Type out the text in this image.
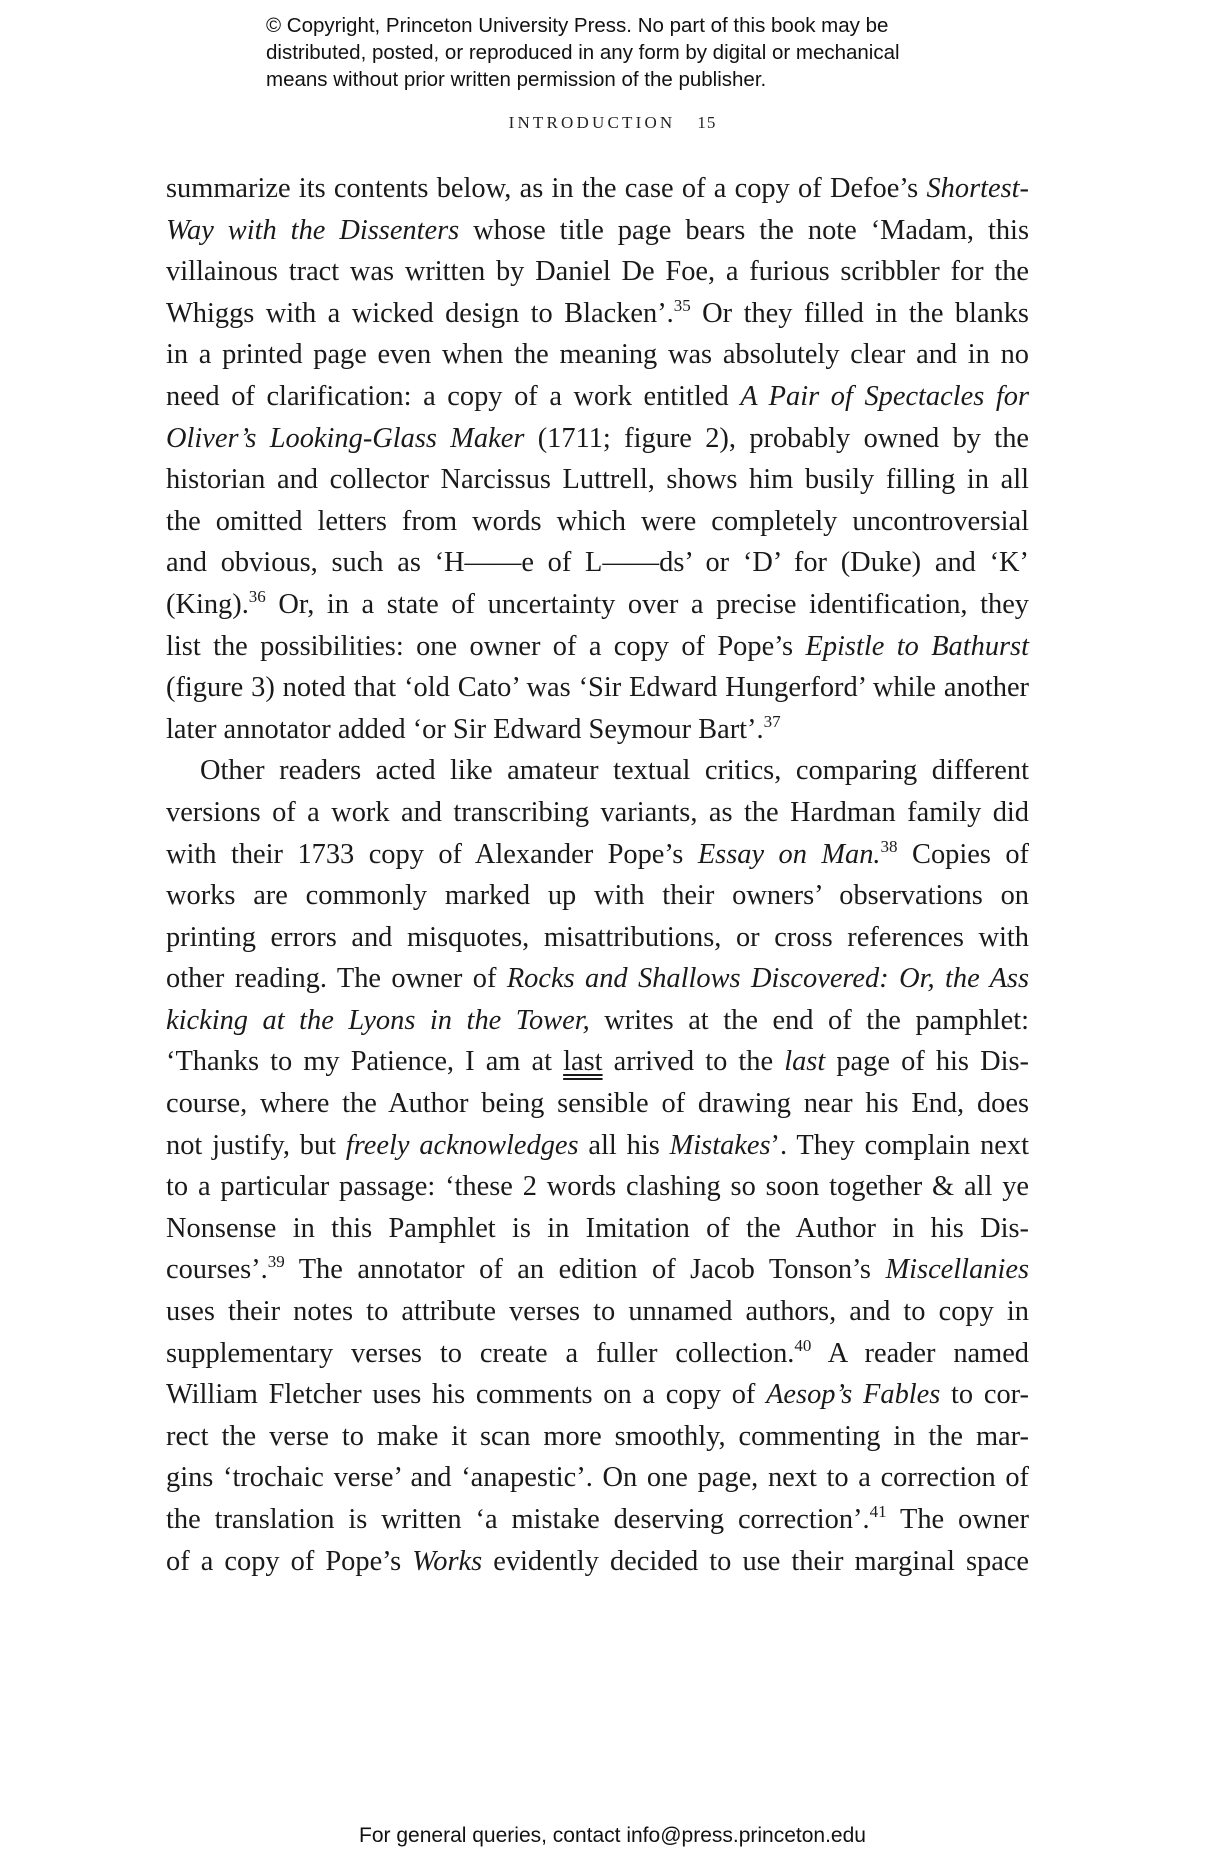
© Copyright, Princeton University Press. No part of this book may be
distributed, posted, or reproduced in any form by digital or mechanical
means without prior written permission of the publisher.
INTRODUCTION 15
summarize its contents below, as in the case of a copy of Defoe’s Shortest-
Way with the Dissenters whose title page bears the note ‘Madam, this
villainous tract was written by Daniel De Foe, a furious scribbler for the
Whiggs with a wicked design to Blacken’.$^{35}$ Or they filled in the blanks
in a printed page even when the meaning was absolutely clear and in no
need of clarification: a copy of a work entitled A Pair of Spectacles for
Oliver’s Looking-Glass Maker (1711; figure 2), probably owned by the
historian and collector Narcissus Luttrell, shows him busily filling in all
the omitted letters from words which were completely uncontroversial
and obvious, such as ‘H——e of L——ds’ or ‘D’ for (Duke) and ‘K’
(King).$^{36}$ Or, in a state of uncertainty over a precise identification, they
list the possibilities: one owner of a copy of Pope’s Epistle to Bathurst
(figure 3) noted that ‘old Cato’ was ‘Sir Edward Hungerford’ while another
later annotator added ‘or Sir Edward Seymour Bart’.$^{37}$
Other readers acted like amateur textual critics, comparing different
versions of a work and transcribing variants, as the Hardman family did
with their 1733 copy of Alexander Pope’s Essay on Man.$^{38}$ Copies of
works are commonly marked up with their owners’ observations on
printing errors and misquotes, misattributions, or cross references with
other reading. The owner of Rocks and Shallows Discovered: Or, the Ass
kicking at the Lyons in the Tower, writes at the end of the pamphlet:
‘Thanks to my Patience, I am at last arrived to the last page of his Dis-
course, where the Author being sensible of drawing near his End, does
not justify, but freely acknowledges all his Mistakes’. They complain next
to a particular passage: ‘these 2 words clashing so soon together & all ye
Nonsense in this Pamphlet is in Imitation of the Author in his Dis-
courses’.$^{39}$ The annotator of an edition of Jacob Tonson’s Miscellanies
uses their notes to attribute verses to unnamed authors, and to copy in
supplementary verses to create a fuller collection.$^{40}$ A reader named
William Fletcher uses his comments on a copy of Aesop’s Fables to cor-
rect the verse to make it scan more smoothly, commenting in the mar-
gins ‘trochaic verse’ and ‘anapestic’. On one page, next to a correction of
the translation is written ‘a mistake deserving correction’.$^{41}$ The owner
of a copy of Pope’s Works evidently decided to use their marginal space
For general queries, contact info@press.princeton.edu
